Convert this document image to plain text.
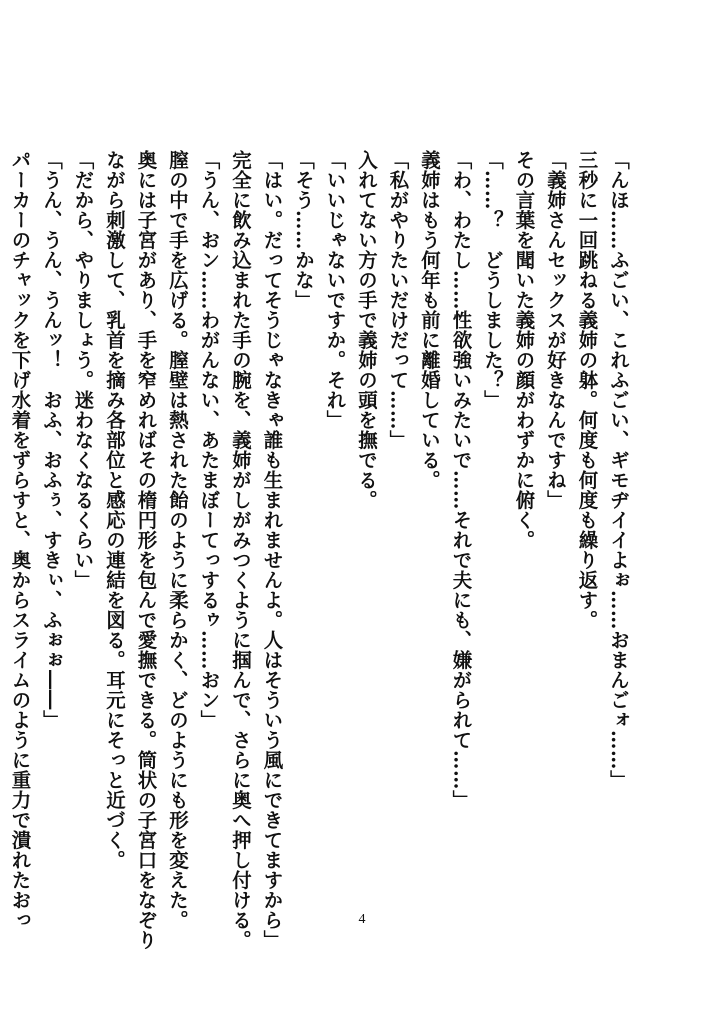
「んほ……ふごい、これふごい、ギモヂイイよぉ……おまんごォ……」
三秒に一回跳ねる義姉の躰。何度も何度も繰り返す。
「義姉さんセックスが好きなんですね」
その言葉を聞いた義姉の顔がわずかに俯く。
「……？　どうしました？」
「わ、わたし……性欲強いみたいで……それで夫にも、嫌がられて……」
義姉はもう何年も前に離婚している。
「私がやりたいだけだって……」
入れてない方の手で義姉の頭を撫でる。
「いいじゃないですか。それ」
「そう……かな」
「はい。だってそうじゃなきゃ誰も生まれませんよ。人はそういう風にできてますから」
完全に飲み込まれた手の腕を、義姉がしがみつくように掴んで、さらに奥へ押し付ける。
「うん、おン……わがんない、あたまぼーてっするゥ……おン」
膣の中で手を広げる。膣壁は熱された飴のように柔らかく、どのようにも形を変えた。
奥には子宮があり、手を窄めればその楕円形を包んで愛撫できる。筒状の子宮口をなぞり
ながら刺激して、乳首を摘み各部位と感応の連結を図る。耳元にそっと近づく。
「だから、やりましょう。迷わなくなるくらい」
「うん、うん、うんッ！　おふ、おふぅ、すきぃ、ふぉぉ――」
パーカーのチャックを下げ水着をずらすと、奥からスライムのように重力で潰れたおっ	4
